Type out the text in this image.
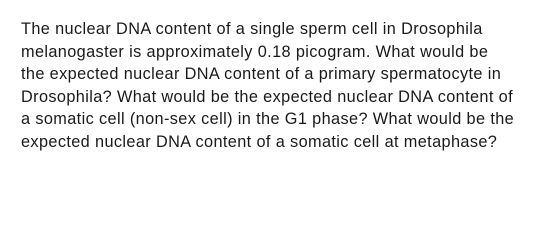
The nuclear DNA content of a single sperm cell in Drosophila
melanogaster is approximately 0.18 picogram. What would be
the expected nuclear DNA content of a primary spermatocyte in
Drosophila? What would be the expected nuclear DNA content of
a somatic cell (non-sex cell) in the G1 phase? What would be the
expected nuclear DNA content of a somatic cell at metaphase?
